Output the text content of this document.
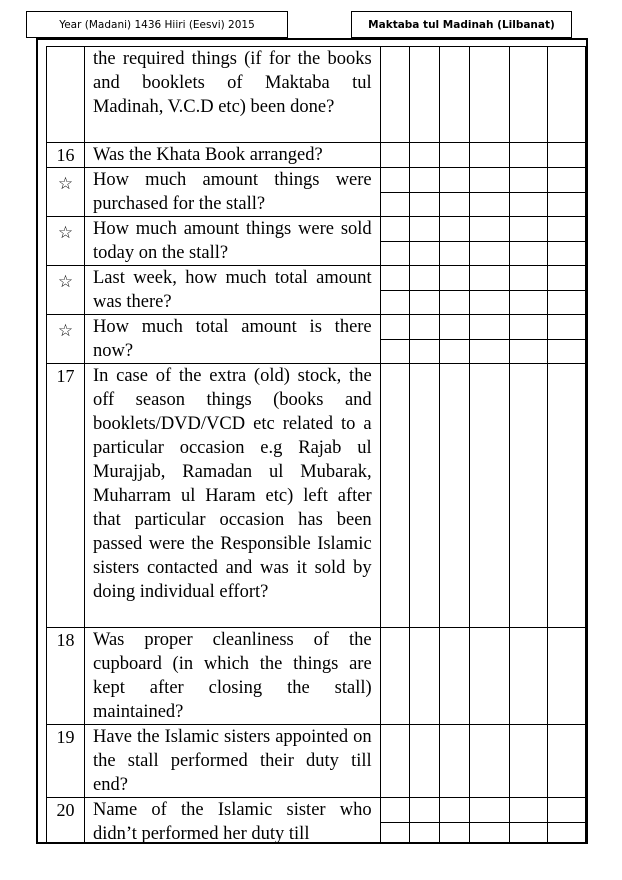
Year (Madani) 1436 Hiiri (Eesvi) 2015	Maktaba tul Madinah (Lilbanat)
	the required things (if for the books and booklets of Maktaba tul Madinah, V.C.D etc) been done?						
16	Was the Khata Book arranged?						
☆	How much amount things were purchased for the stall?						

☆	How much amount things were sold today on the stall?						

☆	Last week, how much total amount was there?						

☆	How much total amount is there now?						

17	In case of the extra (old) stock, the off season things (books and booklets/DVD/VCD etc related to a particular occasion e.g Rajab ul Murajjab, Ramadan ul Mubarak, Muharram ul Haram etc) left after that particular occasion has been passed were the Responsible Islamic sisters contacted and was it sold by doing individual effort?						
18	Was proper cleanliness of the cupboard (in which the things are kept after closing the stall) maintained?						
19	Have the Islamic sisters appointed on the stall performed their duty till end?						
20	Name of the Islamic sister who didn’t performed her duty till						
